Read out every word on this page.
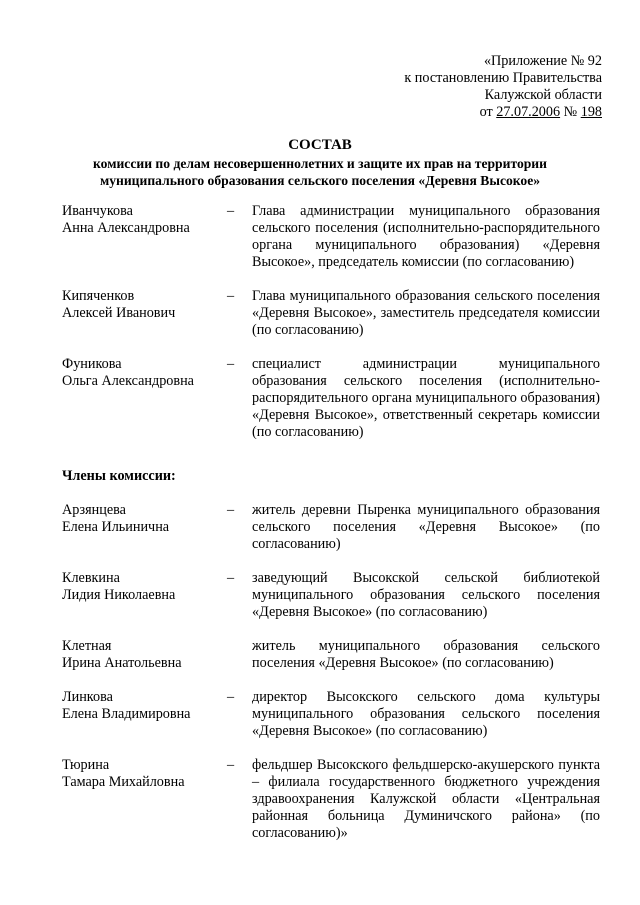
«Приложение № 92
к постановлению Правительства
Калужской области
от 27.07.2006 № 198
СОСТАВ
комиссии по делам несовершеннолетних и защите их прав на территории
муниципального образования сельского поселения «Деревня Высокое»
Иванчукова
Анна Александровна
–	Глава администрации муниципального образования сельского поселения (исполнительно-распорядительного органа муниципального образования) «Деревня Высокое», председатель комиссии (по согласованию)
Кипяченков
Алексей Иванович
–	Глава муниципального образования сельского поселения «Деревня Высокое», заместитель председателя комиссии (по согласованию)
Фуникова
Ольга Александровна
–	специалист администрации муниципального образования сельского поселения (исполнительно-распорядительного органа муниципального образования) «Деревня Высокое», ответственный секретарь комиссии (по согласованию)
Члены комиссии:
Арзянцева
Елена Ильинична
–	житель деревни Пыренка муниципального образования сельского поселения «Деревня Высокое» (по согласованию)
Клевкина
Лидия Николаевна
–	заведующий Высокской сельской библиотекой муниципального образования сельского поселения «Деревня Высокое» (по согласованию)
Клетная
Ирина Анатольевна
житель муниципального образования сельского поселения «Деревня Высокое» (по согласованию)
Линкова
Елена Владимировна
–	директор Высокского сельского дома культуры муниципального образования сельского поселения «Деревня Высокое» (по согласованию)
Тюрина
Тамара Михайловна
–	фельдшер Высокского фельдшерско-акушерского пункта – филиала государственного бюджетного учреждения здравоохранения Калужской области «Центральная районная больница Думиничского района» (по согласованию)»
